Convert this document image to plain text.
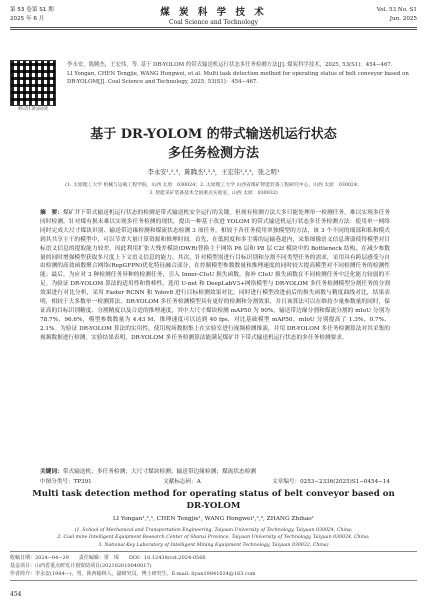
第 53 卷第 S1 期
2025 年 6 月
煤 炭 科 学 技 术
Coal Science and Technology
Vol. 53 No. S1
Jun. 2025
移动扫码阅读
李永安，陈腾杰，王宏伟，等. 基于 DR-YOLOM 的带式输送机运行状态多任务检测方法[J]. 煤炭科学技术，2025, 53(S1)：454−467.
LI Yongan, CHEN Tengjie, WANG Hongwei, et al. Multi task detection method for operating status of belt conveyor based on DR-YOLOM[J]. Coal Science and Technology, 2025, 53(S1)：454−467.
基于 DR-YOLOM 的带式输送机运行状态
多任务检测方法
李永安¹,²,³，陈腾杰¹,²,³，王宏伟¹,²,³，张之明¹
(1. 太原理工大学 机械与运载工程学院，山西 太原　030024；2. 太原理工大学 山西省煤矿智能装备工程研究中心，山西 太原　030024；
3. 智能采矿装备技术全国重点实验室，山西 太原　030032)
摘　要：煤矿井下带式输送机运行状态的检测是带式输送机安全运行的关键。但现有检测方法大多只能处理单一检测任务，难以实现多任务同时检测。针对煤有损未难以实现多任务检测的现状，提出一种基于改进 YOLOM 的带式输送机运行状态多任务检测方法：使用单一网络同时完成大尺寸煤块识别、输送带边缘检测和煤流状态检测 3 项任务。相较于各任务使用单独模型的方法，该 3 个不同的细部和私和模式到其共享主干的模型中，可以节省大量计算资源和推理时间。首先，在低照度和多尘雾的运输巷道内，采集图像语义信息薄弱使得模型对目标语义信息的提取能力较差。因此利用扩张大残差模块(DWR)替换主干网络 P6 层和 P8 层 C2f 模块中的 Bottleneck 结构，在减少参数量的同时增强模型获取多尺度上下文语义信息的能力。其次，针对模型需进行目标识别和分割不同类型任务的需求，采用具有跨层感受与自由检测的高效函数聚合网络(RepGFPN)优化特征融合部分，在控制模型参数数量和推理速度的同时较大提高模型对不同检测任务的检测性能；最后，为应对 3 种检测任务异种的检测任务，引入 Inner-CIoU 损失函数，弥补 CIoU 损失函数在不同检测任务中泛化能力较弱的不足。为验证 DR-YOLOM 算法的适用性和鲁棒性，选用 U-net 和 DeepLabV3+网络模型与 DR-YOLOM 多任务检测模型分割任务的分割效果进行对比分析，采用 Faster RCNN 和 Yolov8 进行目标检测效果对比，同时进行模型改进前后的损失函数与精度曲线对比，结果表明，相较于大多数单一检测算法，DR-YOLOM 多任务检测模型具有更好的检测和分割效果，并且该算法可以在维持少量参数量的同时，保证高的目标识别精度、分割精度以及合适的推理速度，其中大尺寸煤块检测 mAP50 为 90%，输送带边缘分割和煤流分割的 mIoU 分别为 78.7%，96.6%，模型参数数量为 4.43 M，推理速度可以达到 40 fps，对比基础模型 mAP50、mIoU 分别提高了 1.3%、0.7%、2.1%。为验证 DR-YOLOM 算法的实用性，使用现场数据集上在实验室进行视频检测推演，并用 DR-YOLOM 多任务检测算法对其采集的视频数据进行检测。实验结果表明，DR-YOLOM 多任务检测算法能满足煤矿井下带式输送机运行状态的多任务检测要求。
关键词：带式输送机；多任务检测；大尺寸煤块检测；输送带边缘检测；煤流状态检测
中图分类号：TP391	文献标志码：A	文章编号：0253−2336(2025)S1−0454−14
Multi task detection method for operating status of belt conveyor based on
DR-YOLOM
LI Yongan¹,²,³, CHEN Tengjie¹, WANG Hongwei¹,²,³, ZHANG Zhihao¹
(1. School of Mechanical and Transportation Engineering, Taiyuan University of Technology, Taiyuan 030024, China;
2. Coal mine Intelligent Equipment Research Center of Shanxi Province, Taiyuan University of Technology, Taiyuan 030024, China;
3. National Key Laboratory of Intelligent Mining Equipment Technology, Taiyuan 030032, China)
收稿日期：2024−04−29　　责任编辑：常　琛　　DOI：10.12438/cst.2024-0566
基金项目：山西省重点研发计划资助项目(202102010040017)
作者简介：李永安(1984—)，男，陕西榆林人，副研究员，博士研究生。E-mail: liyan19841024@163.com
454
